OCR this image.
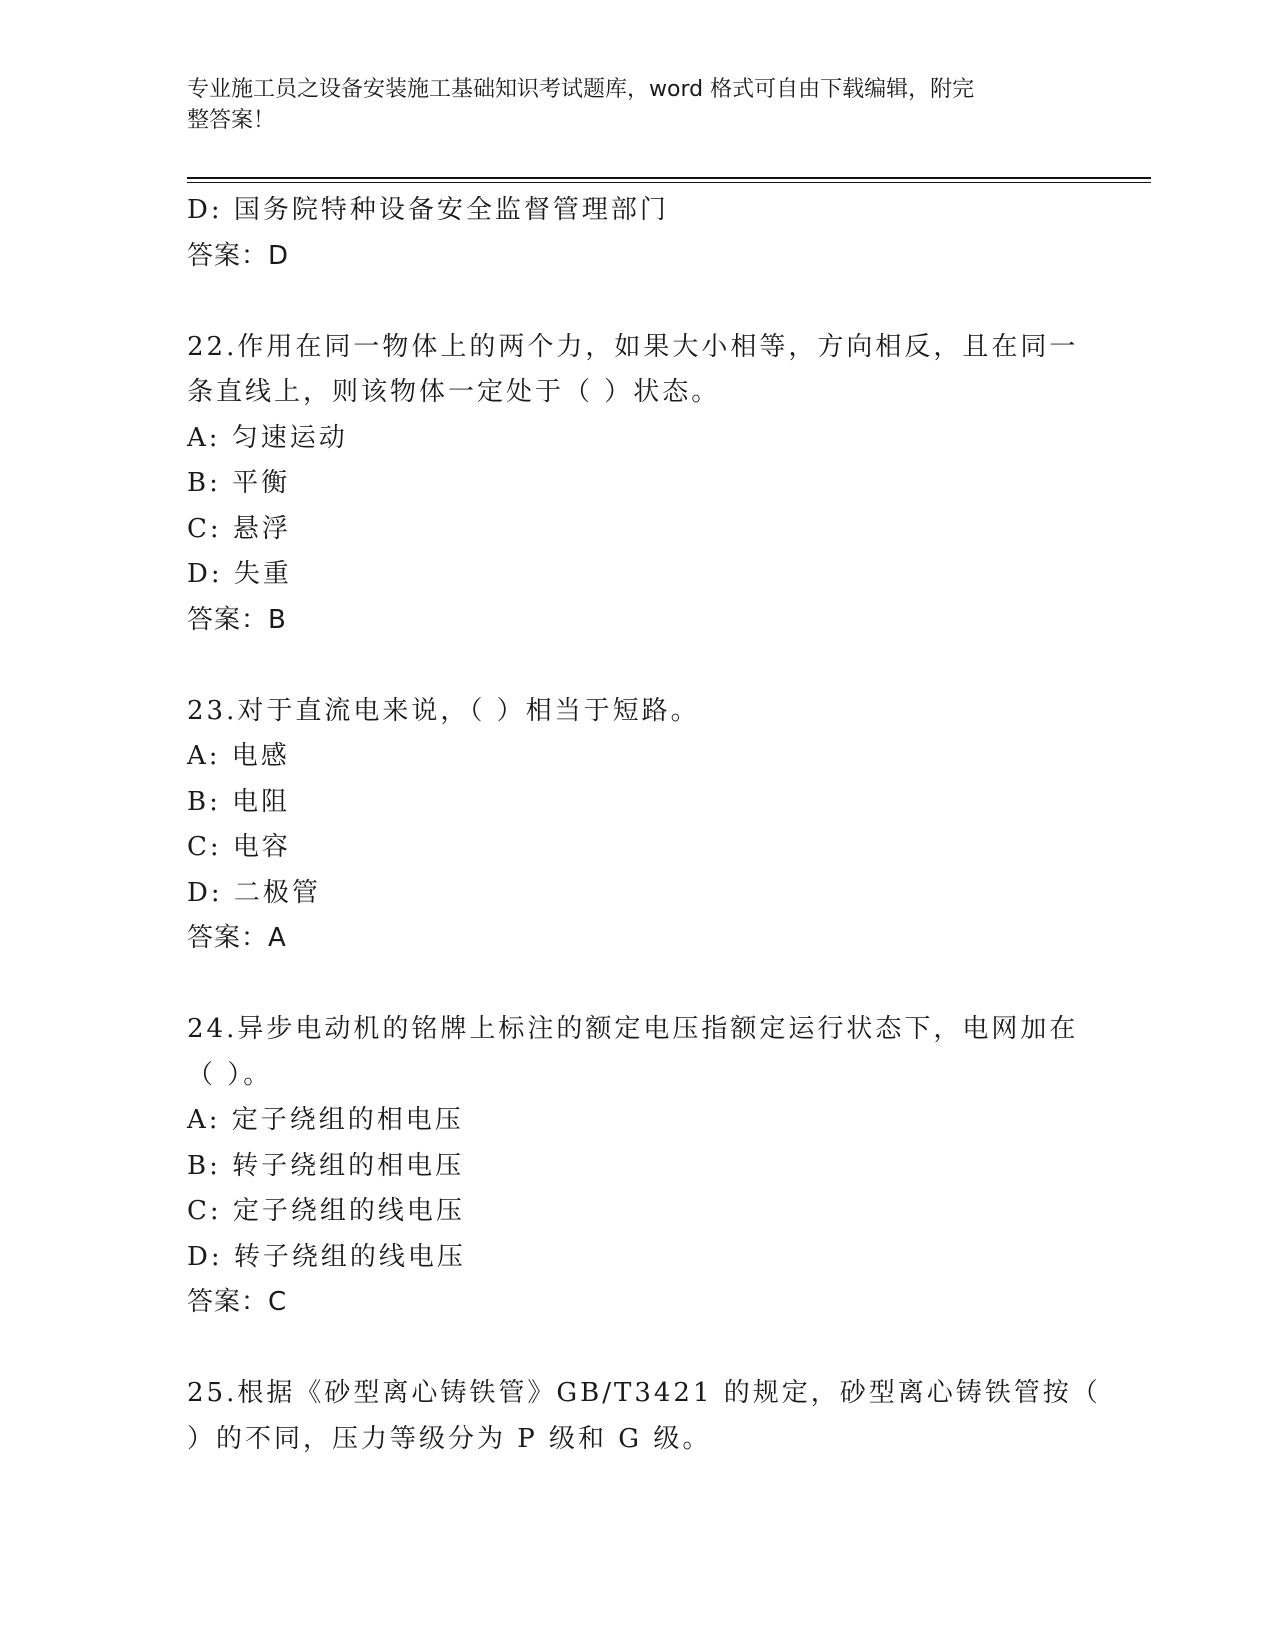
专业施工员之设备安装施工基础知识考试题库，word 格式可自由下载编辑，附完
整答案！
D: 国务院特种设备安全监督管理部门
答案：D
22.作用在同一物体上的两个力，如果大小相等，方向相反，且在同一
条直线上，则该物体一定处于（ ）状态。
A: 匀速运动
B: 平衡
C: 悬浮
D: 失重
答案：B
23.对于直流电来说，（ ）相当于短路。
A: 电感
B: 电阻
C: 电容
D: 二极管
答案：A
24.异步电动机的铭牌上标注的额定电压指额定运行状态下，电网加在
（ ）。
A: 定子绕组的相电压
B: 转子绕组的相电压
C: 定子绕组的线电压
D: 转子绕组的线电压
答案：C
25.根据《砂型离心铸铁管》GB/T3421 的规定，砂型离心铸铁管按（
）的不同，压力等级分为 P 级和 G 级。
